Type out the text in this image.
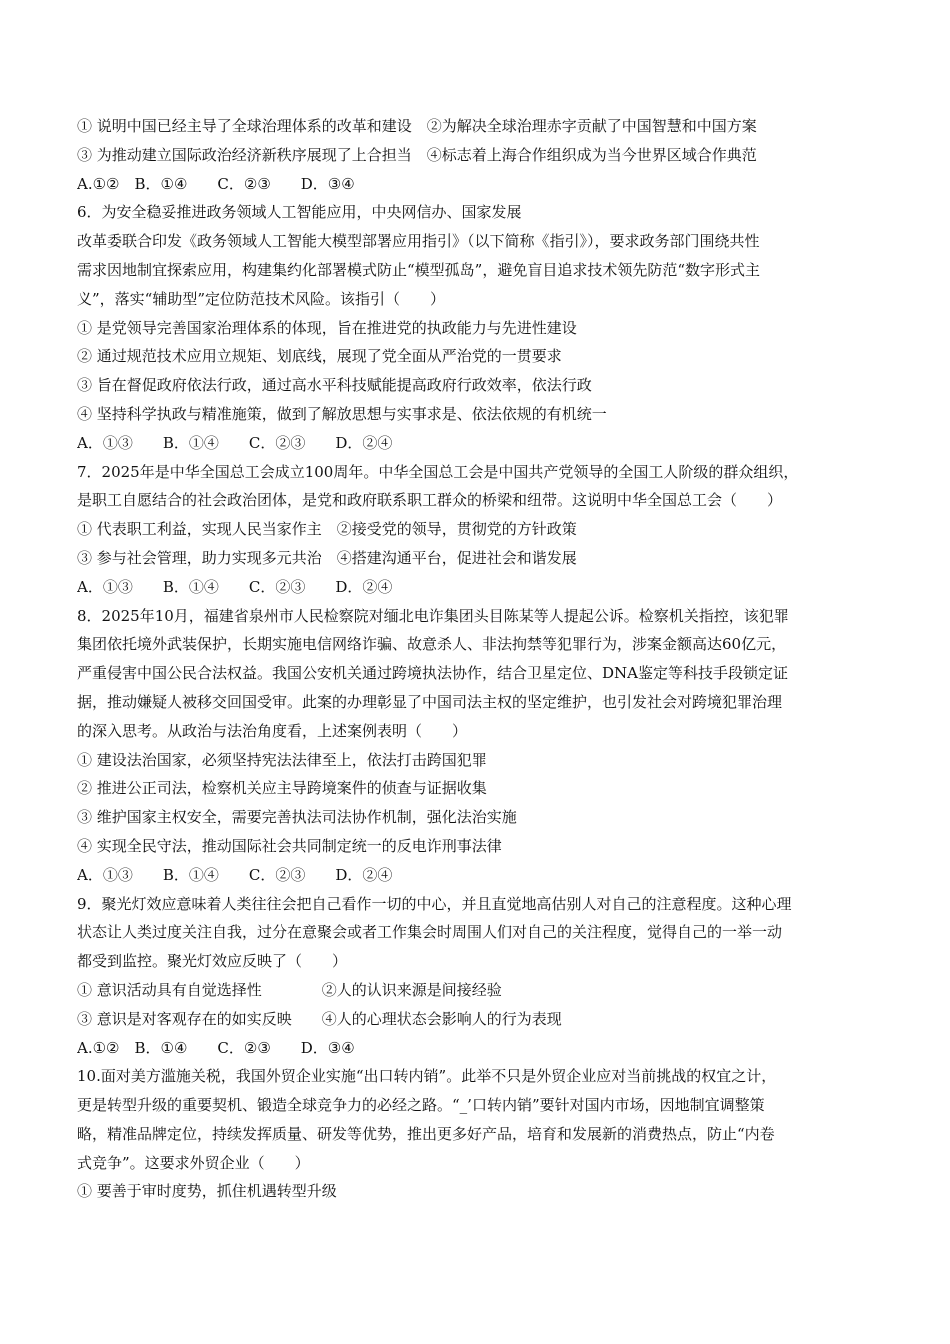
① 说明中国已经主导了全球治理体系的改革和建设　②为解决全球治理赤字贡献了中国智慧和中国方案
③ 为推动建立国际政治经济新秩序展现了上合担当　④标志着上海合作组织成为当今世界区域合作典范
A.①②　B．①④　　C．②③　　D．③④
6．为安全稳妥推进政务领域人工智能应用，中央网信办、国家发展
改革委联合印发《政务领域人工智能大模型部署应用指引》（以下简称《指引》），要求政务部门围绕共性
需求因地制宜探索应用，构建集约化部署模式防止“模型孤岛”，避免盲目追求技术领先防范“数字形式主
义”，落实“辅助型”定位防范技术风险。该指引（　　）
① 是党领导完善国家治理体系的体现，旨在推进党的执政能力与先进性建设
② 通过规范技术应用立规矩、划底线，展现了党全面从严治党的一贯要求
③ 旨在督促政府依法行政，通过高水平科技赋能提高政府行政效率，依法行政
④ 坚持科学执政与精准施策，做到了解放思想与实事求是、依法依规的有机统一
A．①③　　B．①④　　C．②③　　D．②④
7．2025年是中华全国总工会成立100周年。中华全国总工会是中国共产党领导的全国工人阶级的群众组织，
是职工自愿结合的社会政治团体，是党和政府联系职工群众的桥梁和纽带。这说明中华全国总工会（　　）
① 代表职工利益，实现人民当家作主　②接受党的领导，贯彻党的方针政策
③ 参与社会管理，助力实现多元共治　④搭建沟通平台，促进社会和谐发展
A．①③　　B．①④　　C．②③　　D．②④
8．2025年10月，福建省泉州市人民检察院对缅北电诈集团头目陈某等人提起公诉。检察机关指控，该犯罪
集团依托境外武装保护，长期实施电信网络诈骗、故意杀人、非法拘禁等犯罪行为，涉案金额高达60亿元，
严重侵害中国公民合法权益。我国公安机关通过跨境执法协作，结合卫星定位、DNA鉴定等科技手段锁定证
据，推动嫌疑人被移交回国受审。此案的办理彰显了中国司法主权的坚定维护，也引发社会对跨境犯罪治理
的深入思考。从政治与法治角度看，上述案例表明（　　）
① 建设法治国家，必须坚持宪法法律至上，依法打击跨国犯罪
② 推进公正司法，检察机关应主导跨境案件的侦查与证据收集
③ 维护国家主权安全，需要完善执法司法协作机制，强化法治实施
④ 实现全民守法，推动国际社会共同制定统一的反电诈刑事法律
A．①③　　B．①④　　C．②③　　D．②④
9．聚光灯效应意味着人类往往会把自己看作一切的中心，并且直觉地高估别人对自己的注意程度。这种心理
状态让人类过度关注自我，过分在意聚会或者工作集会时周围人们对自己的关注程度，觉得自己的一举一动
都受到监控。聚光灯效应反映了（　　）
① 意识活动具有自觉选择性　　　　②人的认识来源是间接经验
③ 意识是对客观存在的如实反映　　④人的心理状态会影响人的行为表现
A.①②　B．①④　　C．②③　　D．③④
10.面对美方滥施关税，我国外贸企业实施“出口转内销”。此举不只是外贸企业应对当前挑战的权宜之计，
更是转型升级的重要契机、锻造全球竞争力的必经之路。“_’口转内销”要针对国内市场，因地制宜调整策
略，精准品牌定位，持续发挥质量、研发等优势，推出更多好产品，培育和发展新的消费热点，防止“内卷
式竞争”。这要求外贸企业（　　）
① 要善于审时度势，抓住机遇转型升级
